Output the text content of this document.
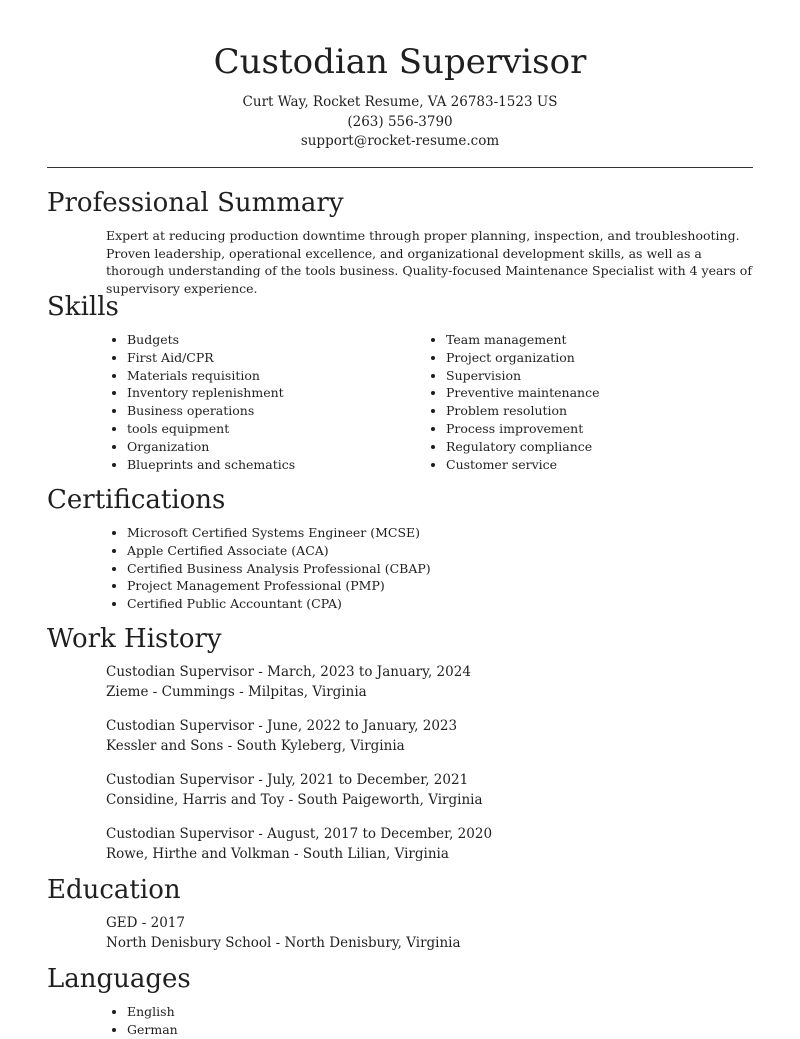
Custodian Supervisor
Curt Way, Rocket Resume, VA 26783-1523 US
(263) 556-3790
support@rocket-resume.com
Professional Summary

Expert at reducing production downtime through proper planning, inspection, and troubleshooting. Proven leadership, operational excellence, and organizational development skills, as well as a thorough understanding of the tools business. Quality-focused Maintenance Specialist with 4 years of supervisory experience.

Skills
• Budgets
• First Aid/CPR
• Materials requisition
• Inventory replenishment
• Business operations
• tools equipment
• Organization
• Blueprints and schematics
• Team management
• Project organization
• Supervision
• Preventive maintenance
• Problem resolution
• Process improvement
• Regulatory compliance
• Customer service
Certifications
• Microsoft Certified Systems Engineer (MCSE)
• Apple Certified Associate (ACA)
• Certified Business Analysis Professional (CBAP)
• Project Management Professional (PMP)
• Certified Public Accountant (CPA)
Work History
Custodian Supervisor - March, 2023 to January, 2024
Zieme - Cummings - Milpitas, Virginia
Custodian Supervisor - June, 2022 to January, 2023
Kessler and Sons - South Kyleberg, Virginia
Custodian Supervisor - July, 2021 to December, 2021
Considine, Harris and Toy - South Paigeworth, Virginia
Custodian Supervisor - August, 2017 to December, 2020
Rowe, Hirthe and Volkman - South Lilian, Virginia
Education
GED - 2017
North Denisbury School - North Denisbury, Virginia
Languages
• English
• German
